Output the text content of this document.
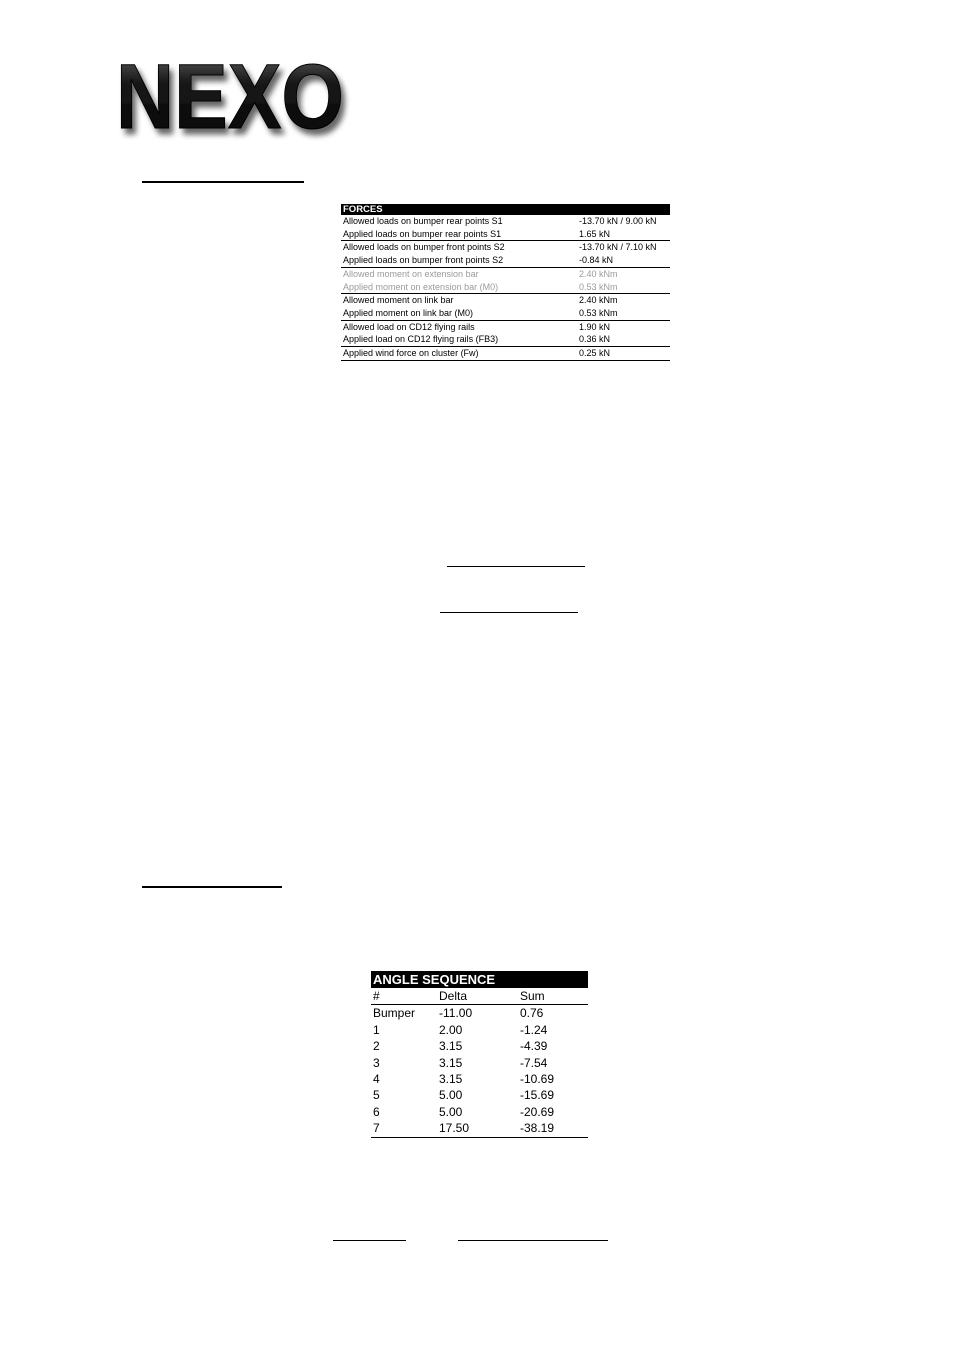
NEXO
FORCES	
Allowed loads on bumper rear points S1	-13.70 kN / 9.00 kN
Applied loads on bumper rear points S1	1.65 kN
Allowed loads on bumper front points S2	-13.70 kN / 7.10 kN
Applied loads on bumper front points S2	-0.84 kN
Allowed moment on extension bar	2.40 kNm
Applied moment on extension bar (M0)	0.53 kNm
Allowed moment on link bar	2.40 kNm
Applied moment on link bar (M0)	0.53 kNm
Allowed load on CD12 flying rails	1.90 kN
Applied load on CD12 flying rails (FB3)	0.36 kN
Applied wind force on cluster (Fw)	0.25 kN
ANGLE SEQUENCE		
#	Delta	Sum
Bumper	-11.00	0.76
1	2.00	-1.24
2	3.15	-4.39
3	3.15	-7.54
4	3.15	-10.69
5	5.00	-15.69
6	5.00	-20.69
7	17.50	-38.19
